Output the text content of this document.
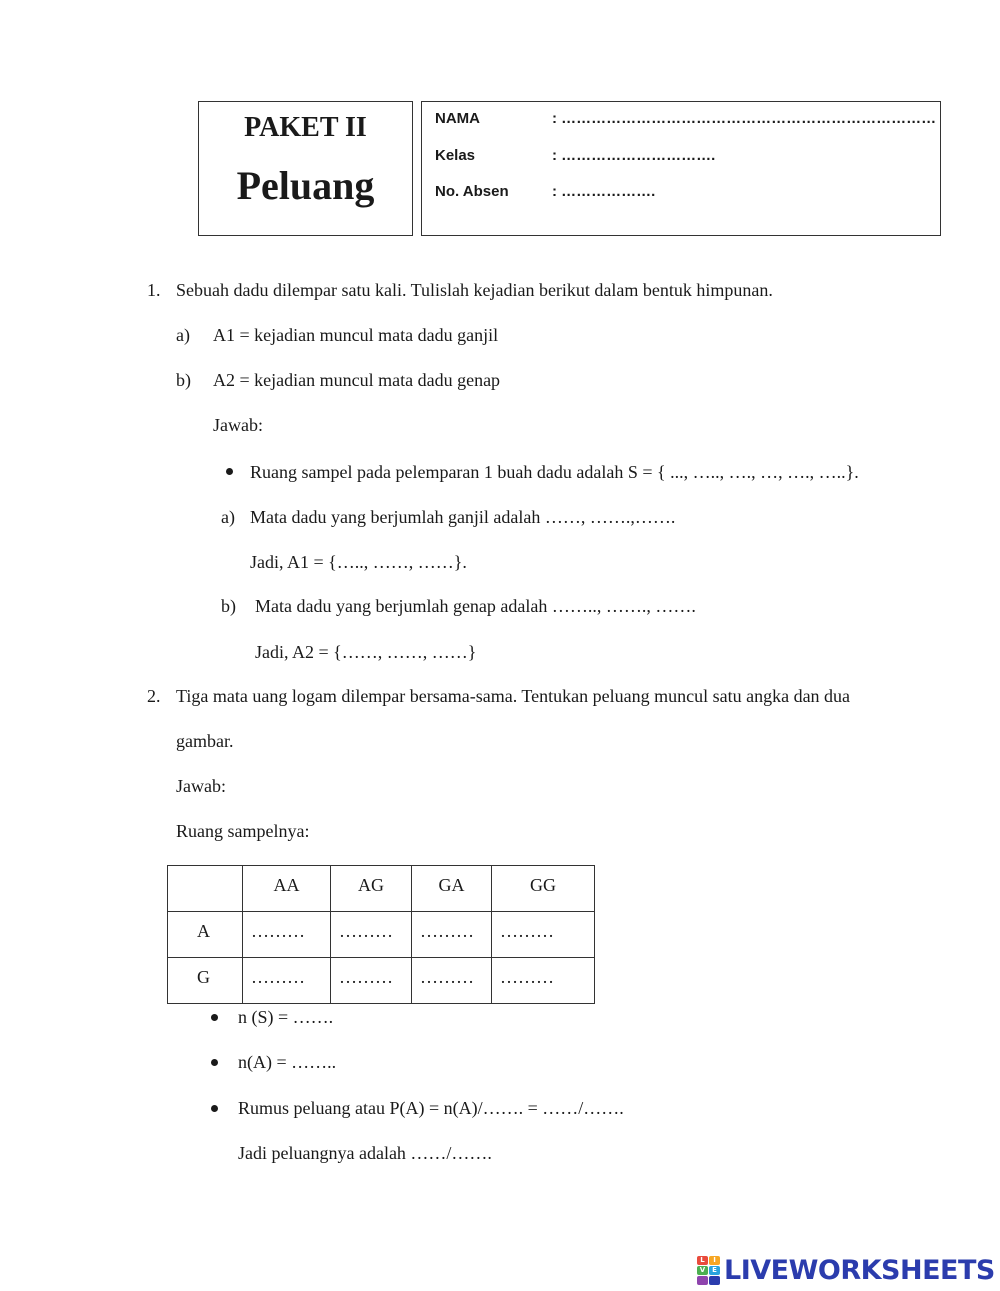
PAKET II
Peluang
NAMA	: …………………………………………………………………
Kelas	: ………………………….
No. Absen	: ……………….
1. Sebuah dadu dilempar satu kali. Tulislah kejadian berikut dalam bentuk himpunan.
a) A1 = kejadian muncul mata dadu ganjil
b) A2 = kejadian muncul mata dadu genap
Jawab:
Ruang sampel pada pelemparan 1 buah dadu adalah S = { ..., ….., …., …, …., …..}.
a) Mata dadu yang berjumlah ganjil adalah ……, …….,…….
Jadi, A1 = {….., ……, ……}.
b) Mata dadu yang berjumlah genap adalah …….., ……., …….
Jadi, A2 = {……, ……, ……}
2. Tiga mata uang logam dilempar bersama-sama. Tentukan peluang muncul satu angka dan dua
gambar.
Jawab:
Ruang sampelnya:
	AA	AG	GA	GG
A	………	………	………	………
G	………	………	………	………
n (S) = …….
n(A) = ……..
Rumus peluang atau P(A) = n(A)/……. = ……/…….
Jadi peluangnya adalah ……/…….
L	I
V E LIVEWORKSHEETS
